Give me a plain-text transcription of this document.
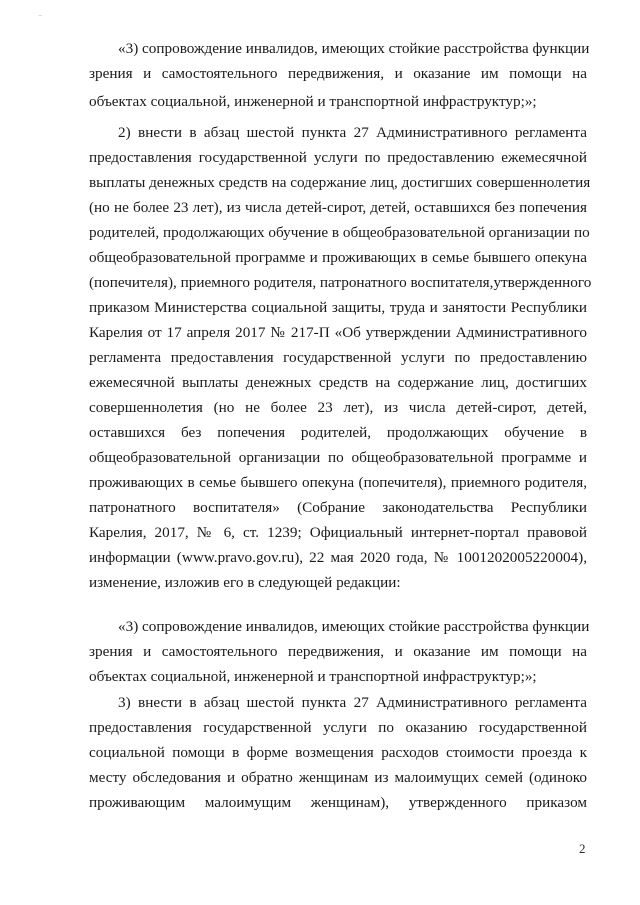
⁻

«3) сопровождение инвалидов, имеющих стойкие расстройства функции
зрения и самостоятельного передвижения, и оказание им помощи на
объектах социальной, инженерной и транспортной инфраструктур;»;

2) внести в абзац шестой пункта 27 Административного регламента
предоставления государственной услуги по предоставлению ежемесячной
выплаты денежных средств на содержание лиц, достигших совершеннолетия
(но не более 23 лет), из числа детей-сирот, детей, оставшихся без попечения
родителей, продолжающих обучение в общеобразовательной организации по
общеобразовательной программе и проживающих в семье бывшего опекуна
(попечителя), приемного родителя, патронатного воспитателя,утвержденного
приказом Министерства социальной защиты, труда и занятости Республики
Карелия от 17 апреля 2017 № 217-П «Об утверждении Административного
регламента предоставления государственной услуги по предоставлению
ежемесячной выплаты денежных средств на содержание лиц, достигших
совершеннолетия (но не более 23 лет), из числа детей-сирот, детей,
оставшихся без попечения родителей, продолжающих обучение в
общеобразовательной организации по общеобразовательной программе и
проживающих в семье бывшего опекуна (попечителя), приемного родителя,
патронатного воспитателя» (Собрание законодательства Республики
Карелия, 2017, № 6, ст. 1239; Официальный интернет-портал правовой
информации (www.pravo.gov.ru), 22 мая 2020 года, № 1001202005220004),
изменение, изложив его в следующей редакции:

«3) сопровождение инвалидов, имеющих стойкие расстройства функции
зрения и самостоятельного передвижения, и оказание им помощи на
объектах социальной, инженерной и транспортной инфраструктур;»;

3) внести в абзац шестой пункта 27 Административного регламента
предоставления государственной услуги по оказанию государственной
социальной помощи в форме возмещения расходов стоимости проезда к
месту обследования и обратно женщинам из малоимущих семей (одиноко
проживающим малоимущим женщинам), утвержденного приказом

2
